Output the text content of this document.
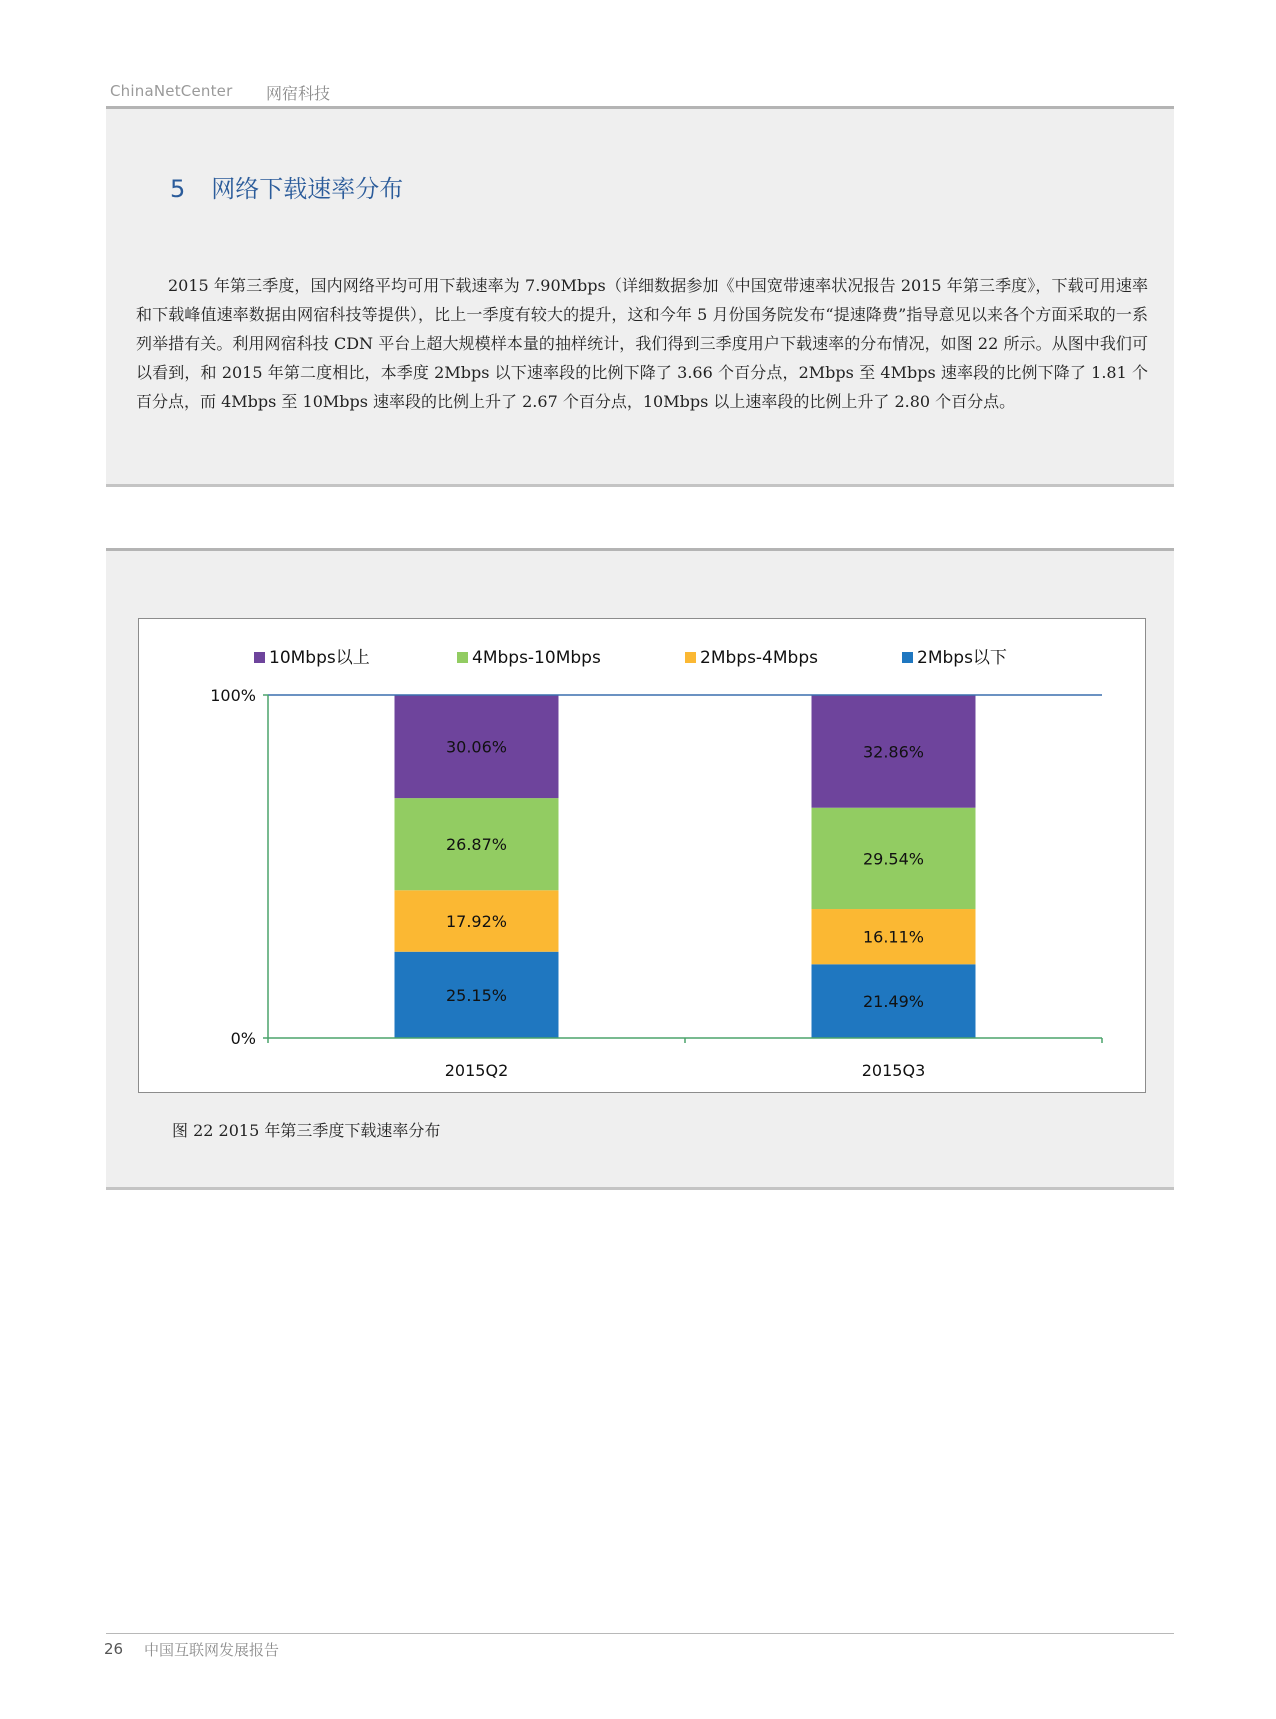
ChinaNetCenter 网宿科技
5 网络下载速率分布

2015 年第三季度，国内网络平均可用下载速率为 7.90Mbps（详细数据参加《中国宽带速率状况报告 2015 年第三季度》，下载可用速率和下载峰值速率数据由网宿科技等提供），比上一季度有较大的提升，这和今年 5 月份国务院发布“提速降费”指导意见以来各个方面采取的一系列举措有关。利用网宿科技 CDN 平台上超大规模样本量的抽样统计，我们得到三季度用户下载速率的分布情况，如图 22 所示。从图中我们可以看到，和 2015 年第二度相比，本季度 2Mbps 以下速率段的比例下降了 3.66 个百分点，2Mbps 至 4Mbps 速率段的比例下降了 1.81 个百分点，而 4Mbps 至 10Mbps 速率段的比例上升了 2.67 个百分点，10Mbps 以上速率段的比例上升了 2.80 个百分点。

25.15%
17.92%
26.87%
30.06%
2015Q2
21.49%
16.11%
29.54%
32.86%
2015Q3
0%
100%
10Mbps以上	4Mbps-10Mbps	2Mbps-4Mbps	2Mbps以下
图 22 2015 年第三季度下载速率分布
26 中国互联网发展报告
